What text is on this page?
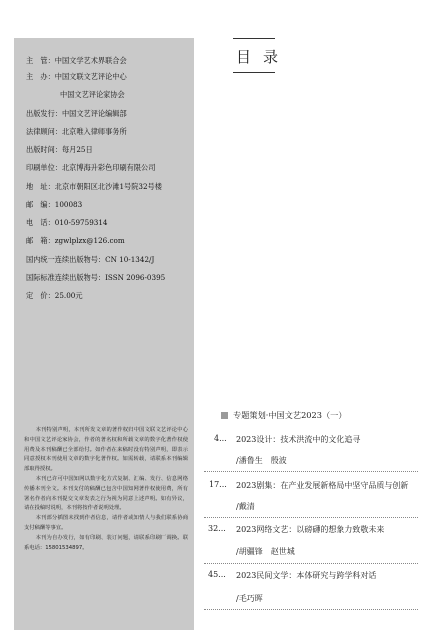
主　管：中国文学艺术界联合会
主　办：中国文联文艺评论中心
中国文艺评论家协会
出版发行：中国文艺评论编辑部
法律顾问：北京唯入律师事务所
出版时间：每月25日
印刷单位：北京博海升彩色印刷有限公司
地　址：北京市朝阳区北沙滩1号院32号楼
邮　编：100083
电　话：010-59759314
邮　箱：zgwlplzx@126.com
国内统一连续出版物号：CN 10-1342/J
国际标准连续出版物号：ISSN 2096-0395
定　价：25.00元

本刊特别声明，本刊所发文章的著作权归中国文联文艺评论中心和中国文艺评论家协会，作者的著名权和所载文章的数字化著作权使用费及本刊稿酬已全部给付。如作者在来稿时没有特别声明，即表示同意授权本刊使用文章的数字化著作权。如需转载，请联系本刊编辑部取得授权。

本刊已许可中国知网以数字化方式复制、汇编、发行、信息网络传播本刊全文。本刊支付的稿酬已包含中国知网著作权使用费，所有署名作者向本刊提交文章发表之行为视为同意上述声明。如有异议，请在投稿时说明，本刊将按作者说明处理。

本刊部分插图未找到作者信息，请作者或知情人与我们联系协商支付稿酬等事宜。

本刊为自办发行，如有印刷、装订问题，请联系印刷厂调换。联系电话：15801534897。

目录
专题策划·中国文艺2023（一）
4... 2023设计：技术洪流中的文化追寻
/潘鲁生　殷波
17... 2023剧集：在产业发展新格局中坚守品质与创新
/戴清
32... 2023网络文艺：以磅礴的想象力致敬未来
/胡疆锋　赵世城
45... 2023民间文学：本体研究与跨学科对话
/毛巧晖
